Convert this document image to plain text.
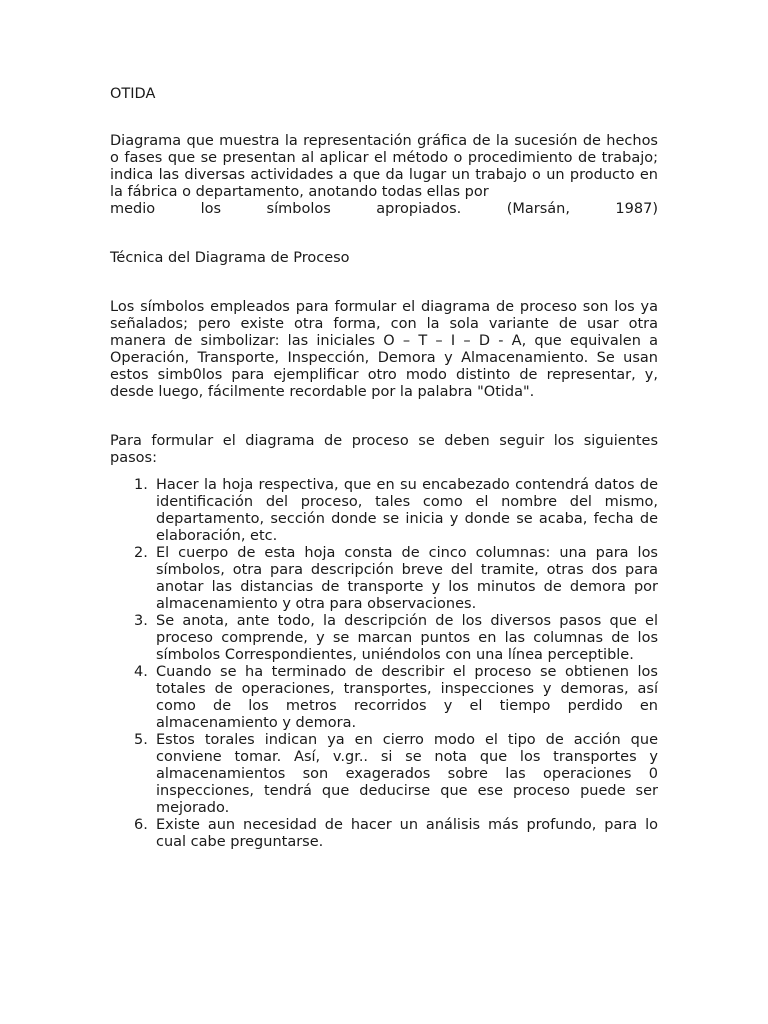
OTIDA

Diagrama que muestra la representación gráfica de la sucesión de hechos o fases que se presentan al aplicar el método o procedimiento de trabajo; indica las diversas actividades a que da lugar un trabajo o un producto en la fábrica o departamento, anotando todas ellas por

medio los símbolos apropiados. (Marsán, 1987)

Técnica del Diagrama de Proceso

Los símbolos empleados para formular el diagrama de proceso son los ya señalados; pero existe otra forma, con la sola variante de usar otra manera de simbolizar: las iniciales O – T – I – D - A, que equivalen a Operación, Transporte, Inspección, Demora y Almacenamiento. Se usan estos simb0los para ejemplificar otro modo distinto de representar, y, desde luego, fácilmente recordable por la palabra "Otida".

Para formular el diagrama de proceso se deben seguir los siguientes pasos:

1. Hacer la hoja respectiva, que en su encabezado contendrá datos de identificación del proceso, tales como el nombre del mismo, departamento, sección donde se inicia y donde se acaba, fecha de elaboración, etc.
2. El cuerpo de esta hoja consta de cinco columnas: una para los símbolos, otra para descripción breve del tramite, otras dos para anotar las distancias de transporte y los minutos de demora por almacenamiento y otra para observaciones.
3. Se anota, ante todo, la descripción de los diversos pasos que el proceso comprende, y se marcan puntos en las columnas de los símbolos Correspondientes, uniéndolos con una línea perceptible.
4. Cuando se ha terminado de describir el proceso se obtienen los totales de operaciones, transportes, inspecciones y demoras, así como de los metros recorridos y el tiempo perdido en almacenamiento y demora.
5. Estos torales indican ya en cierro modo el tipo de acción que conviene tomar. Así, v.gr.. si se nota que los transportes y almacenamientos son exagerados sobre las operaciones 0 inspecciones, tendrá que deducirse que ese proceso puede ser mejorado.
6. Existe aun necesidad de hacer un análisis más profundo, para lo cual cabe preguntarse.
